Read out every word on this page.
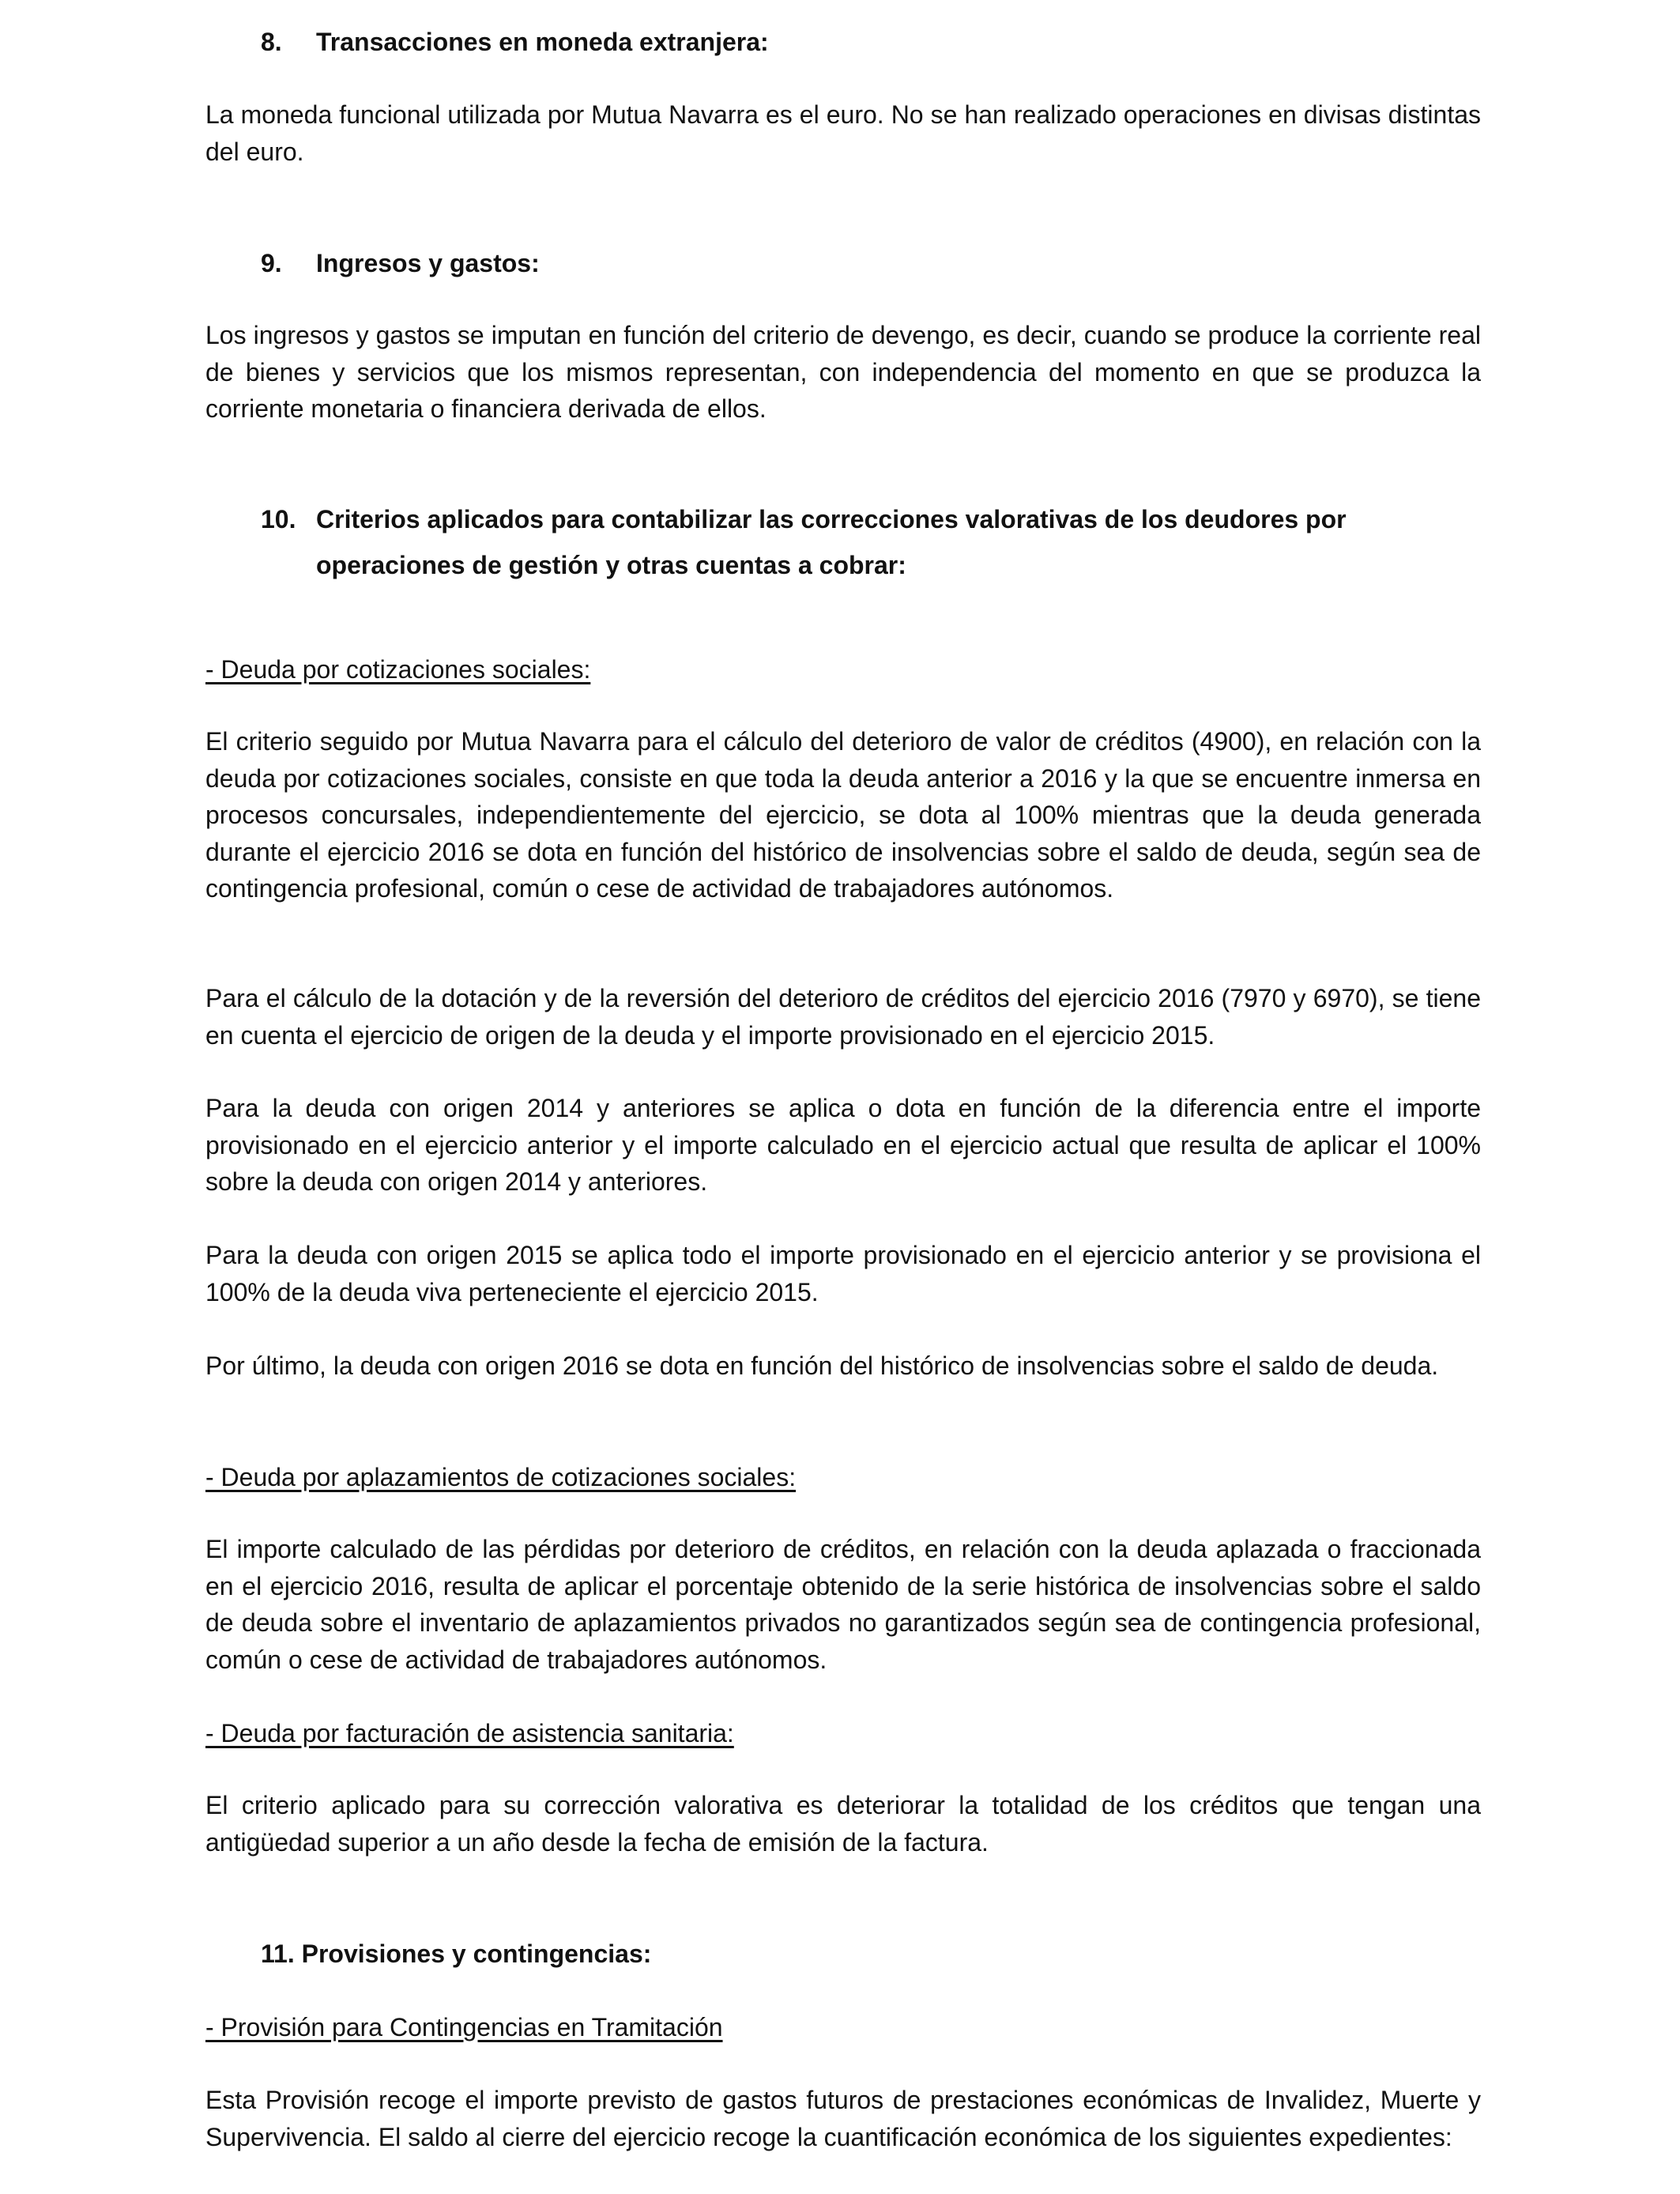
8. Transacciones en moneda extranjera:

La moneda funcional utilizada por Mutua Navarra es el euro. No se han realizado operaciones en divisas distintas del euro.

9. Ingresos y gastos:

Los ingresos y gastos se imputan en función del criterio de devengo, es decir, cuando se produce la corriente real de bienes y servicios que los mismos representan, con independencia del momento en que se produzca la corriente monetaria o financiera derivada de ellos.

10. Criterios aplicados para contabilizar las correcciones valorativas de los deudores por
operaciones de gestión y otras cuentas a cobrar:

- Deuda por cotizaciones sociales:

El criterio seguido por Mutua Navarra para el cálculo del deterioro de valor de créditos (4900), en relación con la deuda por cotizaciones sociales, consiste en que toda la deuda anterior a 2016 y la que se encuentre inmersa en procesos concursales, independientemente del ejercicio, se dota al 100% mientras que la deuda generada durante el ejercicio 2016 se dota en función del histórico de insolvencias sobre el saldo de deuda, según sea de contingencia profesional, común o cese de actividad de trabajadores autónomos.

Para el cálculo de la dotación y de la reversión del deterioro de créditos del ejercicio 2016 (7970 y 6970), se tiene en cuenta el ejercicio de origen de la deuda y el importe provisionado en el ejercicio 2015.

Para la deuda con origen 2014 y anteriores se aplica o dota en función de la diferencia entre el importe provisionado en el ejercicio anterior y el importe calculado en el ejercicio actual que resulta de aplicar el 100% sobre la deuda con origen 2014 y anteriores.

Para la deuda con origen 2015 se aplica todo el importe provisionado en el ejercicio anterior y se provisiona el 100% de la deuda viva perteneciente el ejercicio 2015.

Por último, la deuda con origen 2016 se dota en función del histórico de insolvencias sobre el saldo de deuda.

- Deuda por aplazamientos de cotizaciones sociales:

El importe calculado de las pérdidas por deterioro de créditos, en relación con la deuda aplazada o fraccionada en el ejercicio 2016, resulta de aplicar el porcentaje obtenido de la serie histórica de insolvencias sobre el saldo de deuda sobre el inventario de aplazamientos privados no garantizados según sea de contingencia profesional, común o cese de actividad de trabajadores autónomos.

- Deuda por facturación de asistencia sanitaria:

El criterio aplicado para su corrección valorativa es deteriorar la totalidad de los créditos que tengan una antigüedad superior a un año desde la fecha de emisión de la factura.

11. Provisiones y contingencias:

- Provisión para Contingencias en Tramitación

Esta Provisión recoge el importe previsto de gastos futuros de prestaciones económicas de Invalidez, Muerte y Supervivencia. El saldo al cierre del ejercicio recoge la cuantificación económica de los siguientes expedientes:
